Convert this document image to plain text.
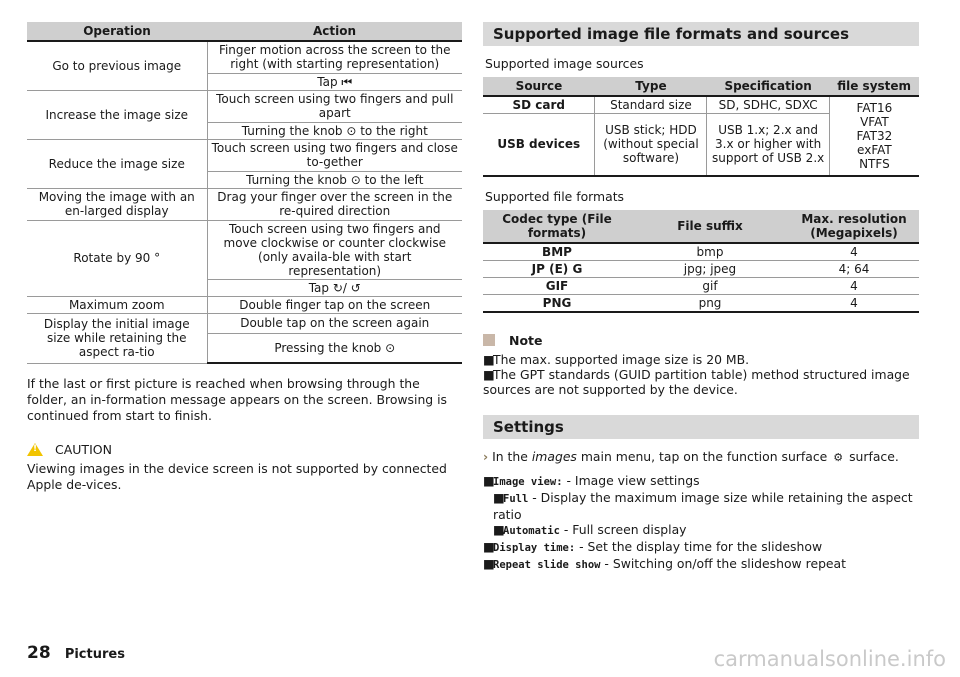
Operation	Action
Go to previous image	Finger motion across the screen to the right (with starting representation)
	Tap ⏮
Increase the image size	Touch screen using two fingers and pull apart
	Turning the knob ⊙ to the right
Reduce the image size	Touch screen using two fingers and close to-gether
	Turning the knob ⊙ to the left
Moving the image with an en-larged display	Drag your finger over the screen in the re-quired direction
Rotate by 90 °	Touch screen using two fingers and move clockwise or counter clockwise (only availa-ble with start representation)
	Tap ↻/ ↺
Maximum zoom	Double finger tap on the screen
Display the initial image size while retaining the aspect ra-tio	Double tap on the screen again
	Pressing the knob ⊙

If the last or first picture is reached when browsing through the folder, an in-formation message appears on the screen. Browsing is continued from start to finish.

! CAUTION
Viewing images in the device screen is not supported by connected Apple de-vices.
Supported image file formats and sources
Supported image sources
Source	Type	Specification	file system
SD card	Standard size	SD, SDHC, SDXC	FAT16 VFAT FAT32 exFAT NTFS

USB devices	USB stick; HDD (without special software)	USB 1.x; 2.x and 3.x or higher with support of USB 2.x	
Supported file formats
Codec type (File formats)	File suffix	Max. resolution (Megapixels)
BMP	bmp	4
JP (E) G	jpg; jpeg	4; 64
GIF	gif	4
PNG	png	4
Note

■The max. supported image size is 20 MB.

■The GPT standards (GUID partition table) method structured image sources are not supported by the device.

Settings

› In the images main menu, tap on the function surface ⚙ surface.

■Image view: - Image view settings

■Full - Display the maximum image size while retaining the aspect ratio

■Automatic - Full screen display

■Display time: - Set the display time for the slideshow

■Repeat slide show - Switching on/off the slideshow repeat

28 Pictures	carmanualsonline.info
